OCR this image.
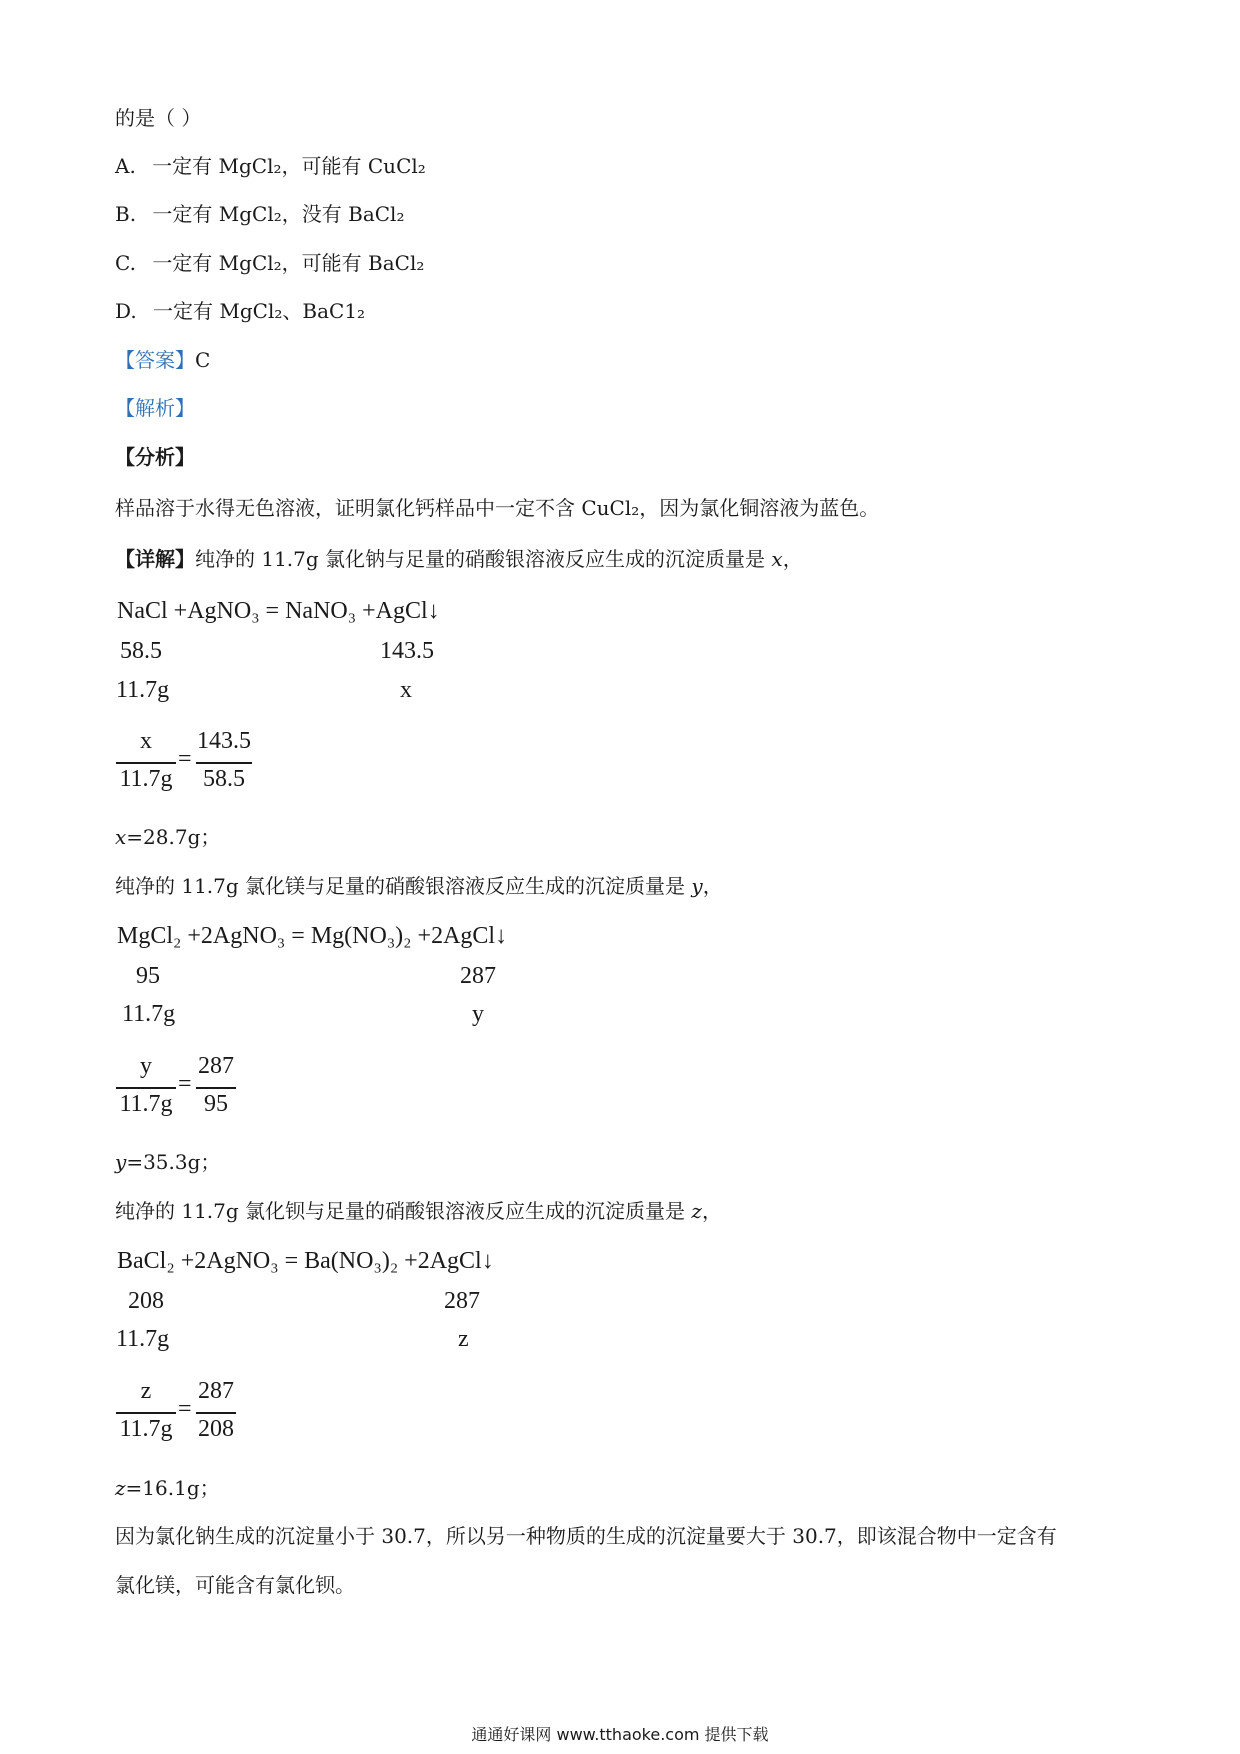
的是（ ）
A. 一定有 MgCl₂，可能有 CuCl₂
B. 一定有 MgCl₂，没有 BaCl₂
C. 一定有 MgCl₂，可能有 BaCl₂
D. 一定有 MgCl₂、BaC1₂
【答案】C
【解析】
【分析】
样品溶于水得无色溶液，证明氯化钙样品中一定不含 CuCl₂，因为氯化铜溶液为蓝色。
【详解】纯净的 11.7g 氯化钠与足量的硝酸银溶液反应生成的沉淀质量是 x，
NaCl +AgNO₃ = NaNO₃ +AgCl↓
58.5	143.5
11.7g	x
x
11.7g
=
143.5
58.5
x=28.7g；
纯净的 11.7g 氯化镁与足量的硝酸银溶液反应生成的沉淀质量是 y，
MgCl₂ +2AgNO₃ = Mg(NO₃)₂ +2AgCl↓
95	287
11.7g	y
y
11.7g
=
287
95
y=35.3g；
纯净的 11.7g 氯化钡与足量的硝酸银溶液反应生成的沉淀质量是 z，
BaCl₂ +2AgNO₃ = Ba(NO₃)₂ +2AgCl↓
208	287
11.7g	z
z
11.7g
=
287
208
z=16.1g；
因为氯化钠生成的沉淀量小于 30.7，所以另一种物质的生成的沉淀量要大于 30.7，即该混合物中一定含有
氯化镁，可能含有氯化钡。
通通好课网 www.tthaoke.com 提供下载
